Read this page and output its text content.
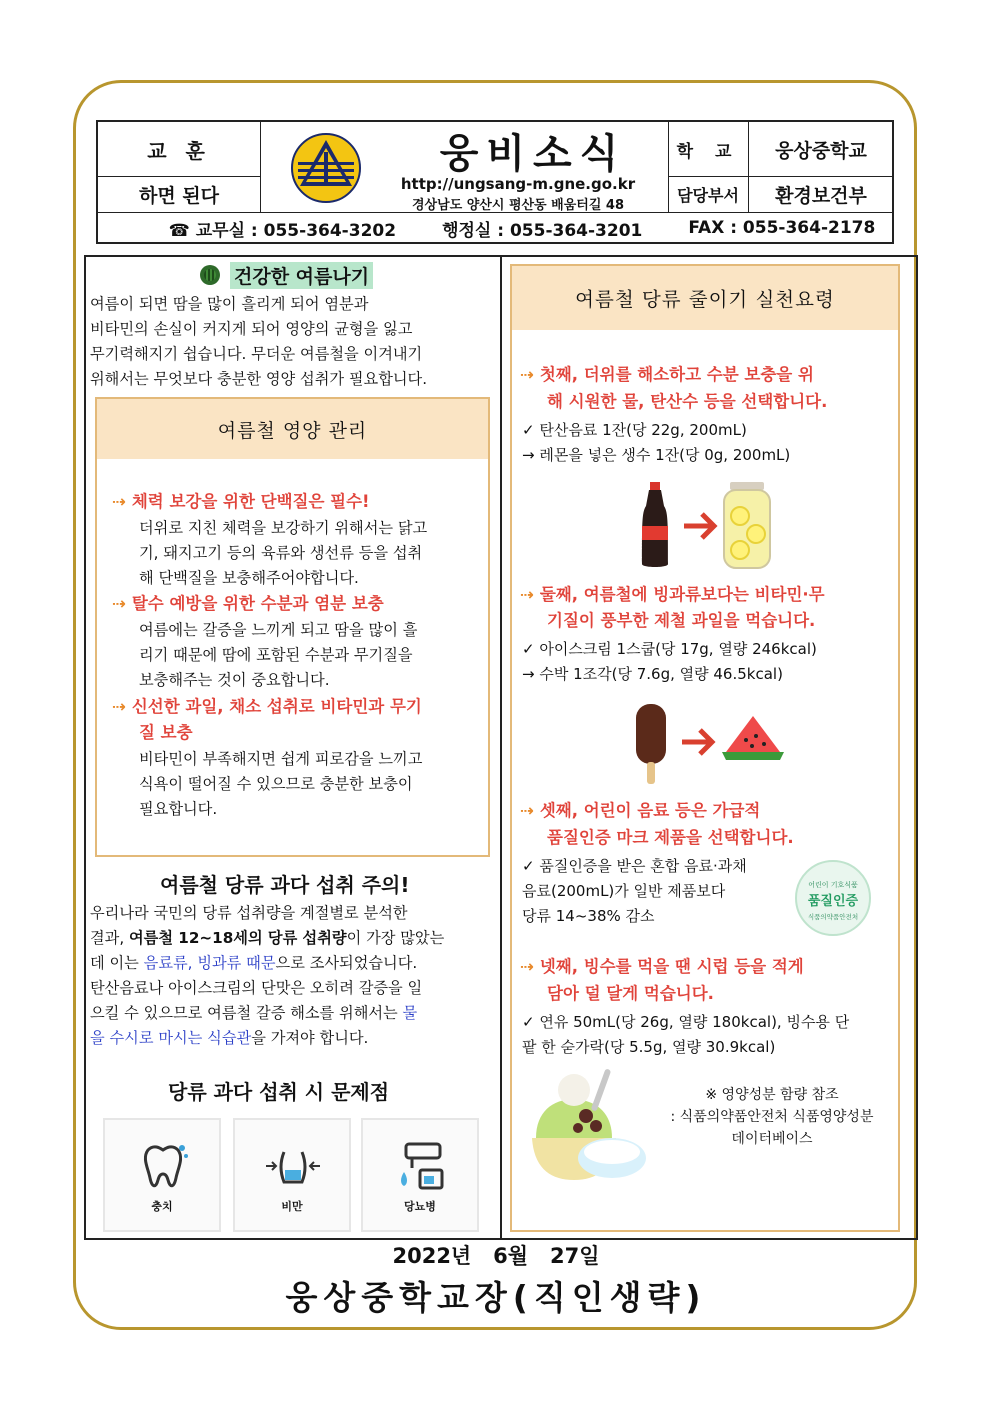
교 훈
하면 된다
웅비소식
http://ungsang-m.gne.go.kr
경상남도 양산시 평산동 배움터길 48
학 교	웅상중학교
담당부서	환경보건부
☎ 교무실 : 055-364-3202	행정실 : 055-364-3201	FAX : 055-364-2178
건강한 여름나기
여름이 되면 땀을 많이 흘리게 되어 염분과
비타민의 손실이 커지게 되어 영양의 균형을 잃고
무기력해지기 쉽습니다. 무더운 여름철을 이겨내기
위해서는 무엇보다 충분한 영양 섭취가 필요합니다.
여름철 영양 관리
⇢ 체력 보강을 위한 단백질은 필수!
더위로 지친 체력을 보강하기 위해서는 닭고
기, 돼지고기 등의 육류와 생선류 등을 섭취
해 단백질을 보충해주어야합니다.
⇢ 탈수 예방을 위한 수분과 염분 보충
여름에는 갈증을 느끼게 되고 땀을 많이 흘
리기 때문에 땀에 포함된 수분과 무기질을
보충해주는 것이 중요합니다.
⇢ 신선한 과일, 채소 섭취로 비타민과 무기
질 보충
비타민이 부족해지면 쉽게 피로감을 느끼고
식욕이 떨어질 수 있으므로 충분한 보충이
필요합니다.
여름철 당류 과다 섭취 주의!
우리나라 국민의 당류 섭취량을 계절별로 분석한
결과, 여름철 12~18세의 당류 섭취량이 가장 많았는
데 이는 음료류, 빙과류 때문으로 조사되었습니다.
탄산음료나 아이스크림의 단맛은 오히려 갈증을 일
으킬 수 있으므로 여름철 갈증 해소를 위해서는 물
을 수시로 마시는 식습관을 가져야 합니다.
당류 과다 섭취 시 문제점
충치	비만	당뇨병
여름철 당류 줄이기 실천요령
⇢ 첫째, 더위를 해소하고 수분 보충을 위
해 시원한 물, 탄산수 등을 선택합니다.
✓ 탄산음료 1잔(당 22g, 200mL)
→ 레몬을 넣은 생수 1잔(당 0g, 200mL)
⇢ 둘째, 여름철에 빙과류보다는 비타민·무
기질이 풍부한 제철 과일을 먹습니다.
✓ 아이스크림 1스쿱(당 17g, 열량 246kcal)
→ 수박 1조각(당 7.6g, 열량 46.5kcal)
⇢ 셋째, 어린이 음료 등은 가급적
품질인증 마크 제품을 선택합니다.
✓ 품질인증을 받은 혼합 음료·과채
음료(200mL)가 일반 제품보다
당류 14~38% 감소
어린이 기호식품
품질인증
식품의약품안전처
⇢ 넷째, 빙수를 먹을 땐 시럽 등을 적게
담아 덜 달게 먹습니다.
✓ 연유 50mL(당 26g, 열량 180kcal), 빙수용 단
팥 한 숟가락(당 5.5g, 열량 30.9kcal)
※ 영양성분 함량 참조
: 식품의약품안전처 식품영양성분
데이터베이스
2022년   6월   27일
웅상중학교장(직인생략)
